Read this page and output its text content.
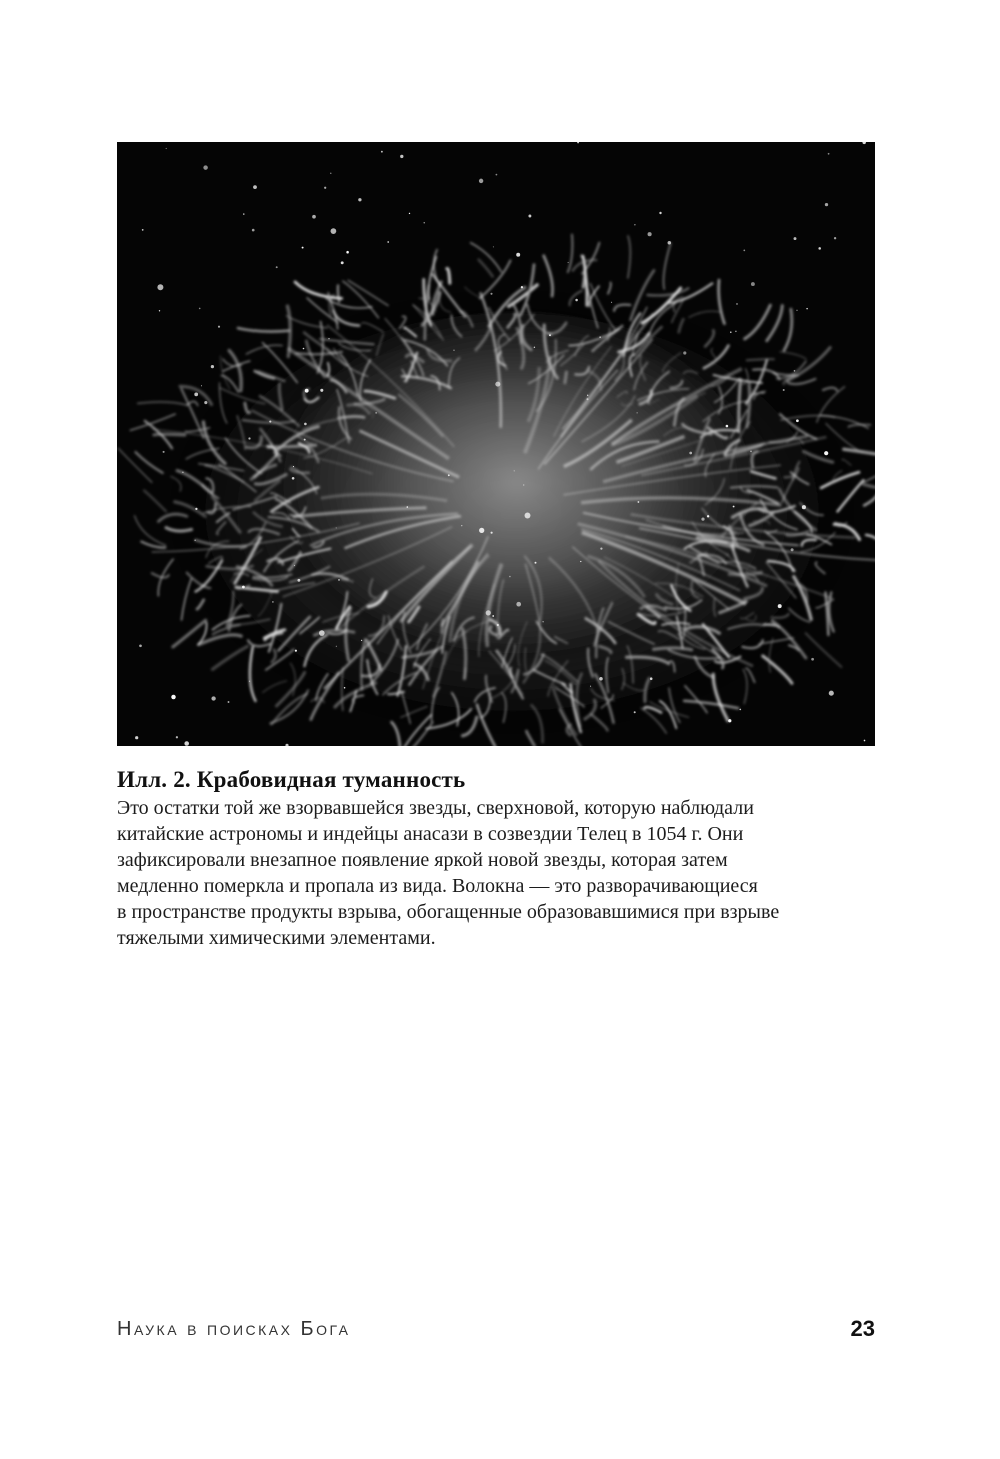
Илл. 2. Крабовидная туманность

Это остатки той же взорвавшейся звезды, сверхновой, которую наблюдали
китайские астрономы и индейцы анасази в созвездии Телец в 1054 г. Они
зафиксировали внезапное появление яркой новой звезды, которая затем
медленно померкла и пропала из вида. Волокна — это разворачивающиеся
в пространстве продукты взрыва, обогащенные образовавшимися при взрыве
тяжелыми химическими элементами.

Наука в поисках Бога	23
